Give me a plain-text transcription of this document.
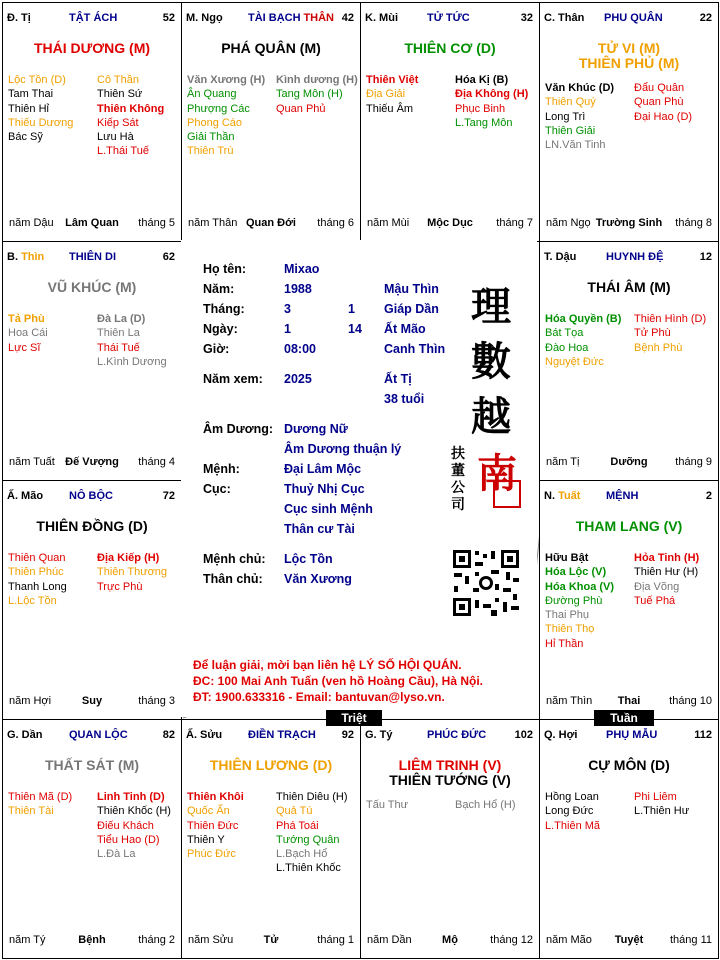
Đ. Tị	TẬT ÁCH	52
THÁI DƯƠNG (M)
Lộc Tồn (D)
Tam Thai
Thiên Hỉ
Thiếu Dương
Bác Sỹ
Cô Thần
Thiên Sứ
Thiên Không
Kiếp Sát
Lưu Hà
L.Thái Tuế
năm Dậu	Lâm Quan	tháng 5
M. Ngọ TÀI BẠCH THÂN 42
PHÁ QUÂN (M)
Văn Xương (H)
Ân Quang
Phượng Các
Phong Cáo
Giải Thần
Thiên Trù
Kình dương (H)
Tang Môn (H)
Quan Phủ
năm Thân Quan Đới	tháng 6
K. Mùi	TỬ TỨC	32
THIÊN CƠ (D)
Thiên Việt
Địa Giải
Thiếu Âm
Hóa Kị (B)
Địa Không (H)
Phục Binh
L.Tang Môn
năm Mùi	Mộc Dục	tháng 7
C. Thân PHU QUÂN	22
TỬ VI (M)
THIÊN PHỦ (M)
Văn Khúc (D)
Thiên Quý
Long Trì
Thiên Giải
LN.Văn Tinh
Đẩu Quân
Quan Phù
Đại Hao (D)
năm Ngọ Trường Sinh	tháng 8
T. Dậu	HUYNH ĐỆ	12
THÁI ÂM (M)
Hóa Quyền (B)
Bát Tọa
Đào Hoa
Nguyệt Đức
Thiên Hình (D)
Tử Phù
Bệnh Phù
năm Tị	Dưỡng	tháng 9
N. Tuất MỆNH	2
THAM LANG (V)
Hữu Bật
Hóa Lộc (V)
Hóa Khoa (V)
Đường Phù
Thai Phụ
Thiên Thọ
Hỉ Thần
Hỏa Tinh (H)
Thiên Hư (H)
Địa Võng
Tuế Phá
năm Thìn	Thai	tháng 10
Q. Hợi	PHỤ MẪU	112
CỰ MÔN (D)
Hồng Loan
Long Đức
L.Thiên Mã
Phi Liêm
L.Thiên Hư
năm Mão	Tuyệt	tháng 11
G. Tý	PHÚC ĐỨC	102
LIÊM TRINH (V)
THIÊN TƯỚNG (V)
Tấu Thư	Bạch Hổ (H)
năm Dần	Mộ	tháng 12
Ấ. Sửu ĐIỀN TRẠCH 92
THIÊN LƯƠNG (D)
Thiên Khôi
Quốc Ấn
Thiên Đức
Thiên Y
Phúc Đức
Thiên Diêu (H)
Quả Tú
Phá Toái
Tướng Quân
L.Bạch Hổ
L.Thiên Khốc
năm Sửu	Tử	tháng 1
G. Dần QUAN LỘC	82
THẤT SÁT (M)
Thiên Mã (D)
Thiên Tài
Linh Tinh (D)
Thiên Khốc (H)
Điếu Khách
Tiểu Hao (D)
L.Đà La
năm Tý	Bệnh	tháng 2
Ấ. Mão NÔ BỘC	72
THIÊN ĐỒNG (D)
Thiên Quan
Thiên Phúc
Thanh Long
L.Lộc Tồn
Địa Kiếp (H)
Thiên Thương
Trực Phù
năm Hợi	Suy	tháng 3
B. Thìn THIÊN DI	62
VŨ KHÚC (M)
Tả Phù
Hoa Cái
Lực Sĩ
Đà La (D)
Thiên La
Thái Tuế
L.Kình Dương
năm Tuất Đế Vượng	tháng 4
Họ tên:	Mixao
Năm:	1988	Mậu Thìn
Tháng:	3	1 Giáp Dần
Ngày:	1	14 Ất Mão
Giờ:	08:00	Canh Thìn
Năm xem: 2025	Ất Tị
38 tuổi
Âm Dương: Dương Nữ
Âm Dương thuận lý
Mệnh:	Đại Lâm Mộc
Cục:	Thuỷ Nhị Cục
Cục sinh Mệnh
Thân cư Tài
Mệnh chủ: Lộc Tồn
Thân chủ: Văn Xương
理
數
越
南
扶董公司
Để luận giải, mời bạn liên hệ LÝ SỐ HỘI QUÁN.
ĐC: 100 Mai Anh Tuấn (ven hồ Hoàng Cầu), Hà Nội.
ĐT: 1900.633316 - Email: bantuvan@lyso.vn.
Triệt	Tuần
